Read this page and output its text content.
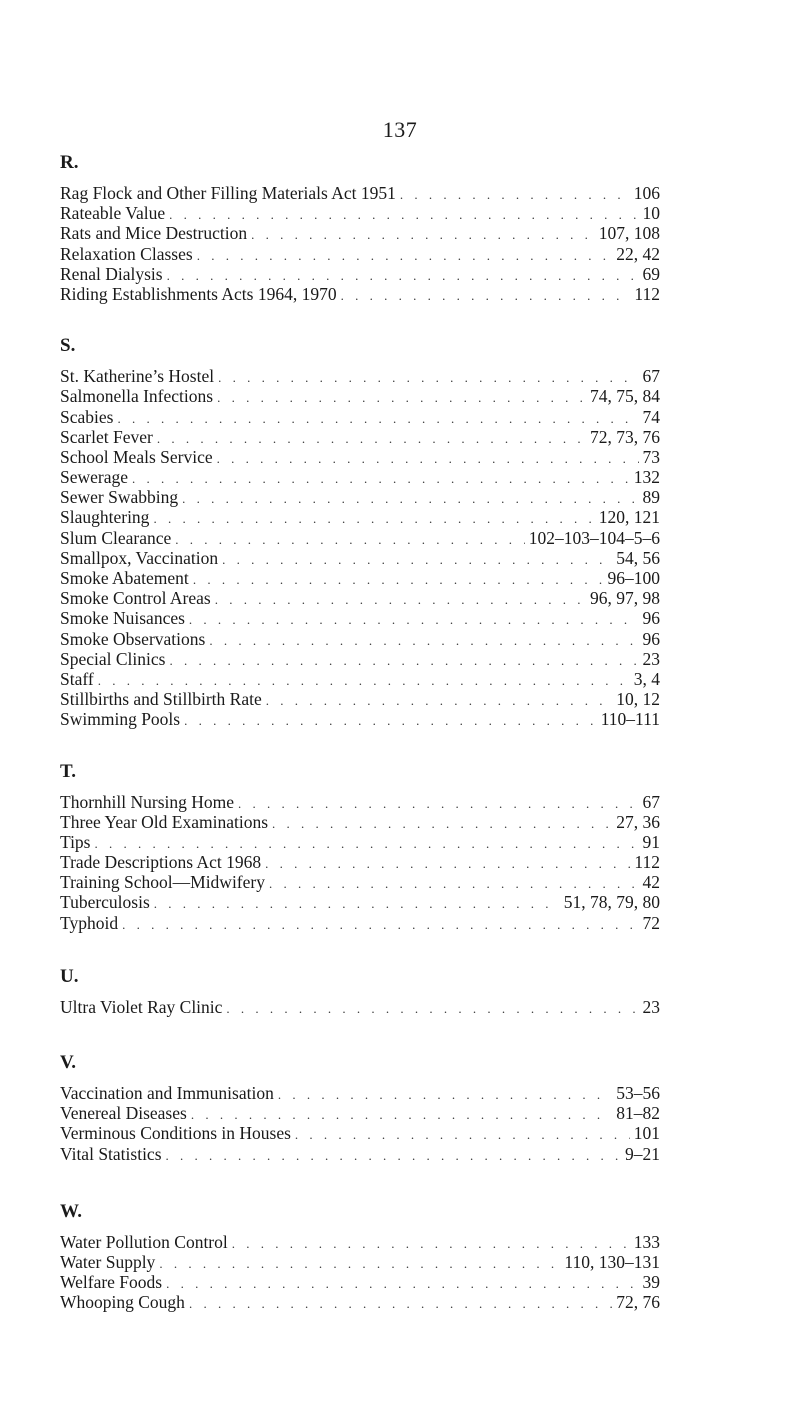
137
R.
Rag Flock and Other Filling Materials Act 1951 . . .	106
Rateable Value . . .	10
Rats and Mice Destruction . . .	107, 108
Relaxation Classes . . .	22, 42
Renal Dialysis . . .	69
Riding Establishments Acts 1964, 1970 . . .	112
S.
St. Katherine’s Hostel . . .	67
Salmonella Infections . . .	74, 75, 84
Scabies . . .	74
Scarlet Fever . . .	72, 73, 76
School Meals Service . . .	73
Sewerage . . .	132
Sewer Swabbing . . .	89
Slaughtering . . .	120, 121
Slum Clearance . . .	102–103–104–5–6
Smallpox, Vaccination . . .	54, 56
Smoke Abatement . . .	96–100
Smoke Control Areas . . .	96, 97, 98
Smoke Nuisances . . .	96
Smoke Observations . . .	96
Special Clinics . . .	23
Staff . . .	3, 4
Stillbirths and Stillbirth Rate . . .	10, 12
Swimming Pools . . .	110–111
T.
Thornhill Nursing Home . . .	67
Three Year Old Examinations . . .	27, 36
Tips . . .	91
Trade Descriptions Act 1968 . . .	112
Training School—Midwifery . . .	42
Tuberculosis . . .	51, 78, 79, 80
Typhoid . . .	72
U.
Ultra Violet Ray Clinic . . .	23
V.
Vaccination and Immunisation . . .	53–56
Venereal Diseases . . .	81–82
Verminous Conditions in Houses . . .	101
Vital Statistics . . .	9–21
W.
Water Pollution Control . . .	133
Water Supply . . .	110, 130–131
Welfare Foods . . .	39
Whooping Cough . . .	72, 76
